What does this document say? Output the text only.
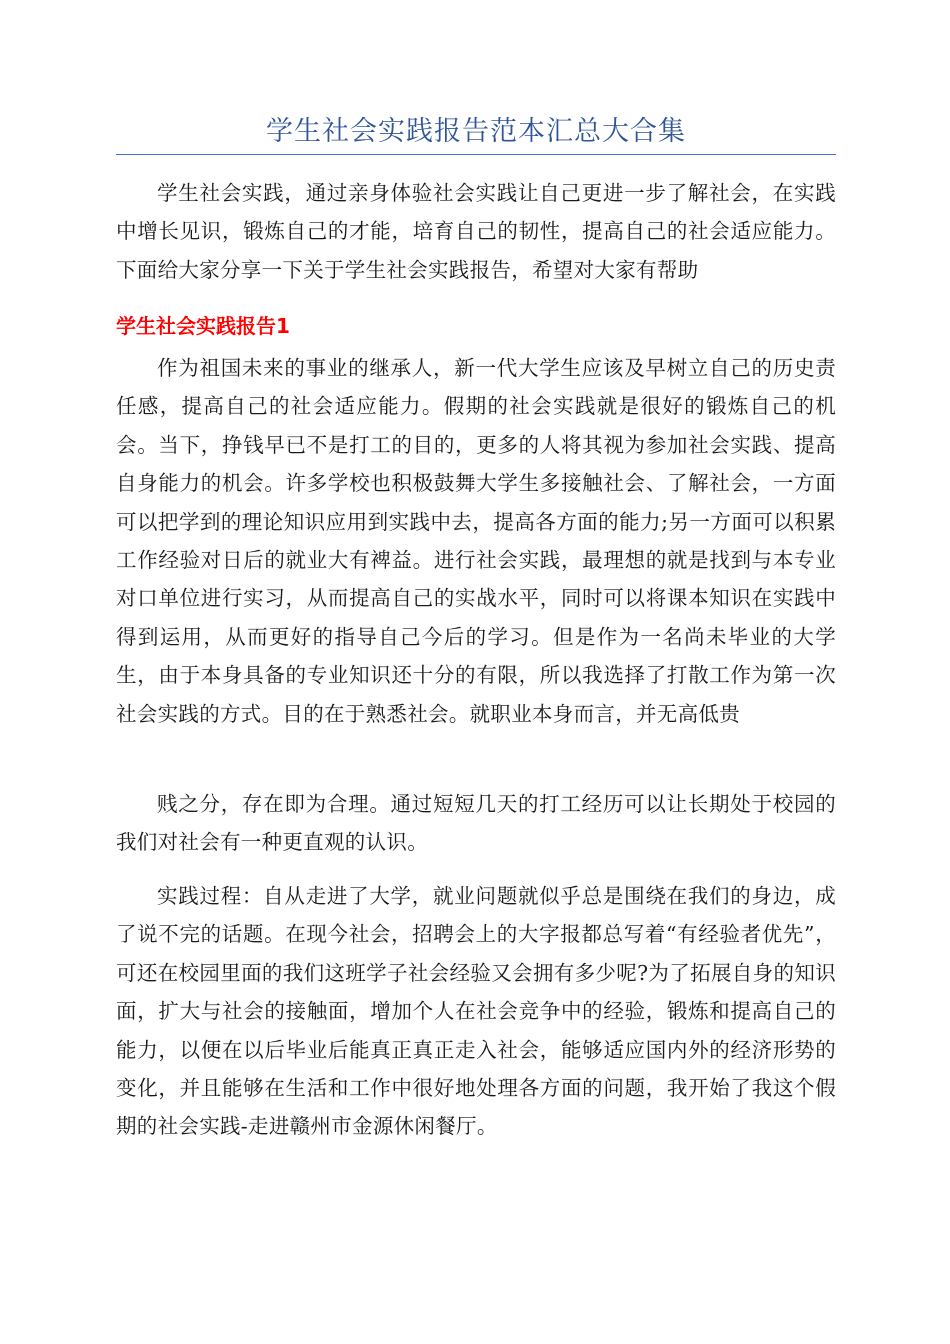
学生社会实践报告范本汇总大合集

学生社会实践，通过亲身体验社会实践让自己更进一步了解社会，在实践中增长见识，锻炼自己的才能，培育自己的韧性，提高自己的社会适应能力。下面给大家分享一下关于学生社会实践报告，希望对大家有帮助

学生社会实践报告1

作为祖国未来的事业的继承人，新一代大学生应该及早树立自己的历史责任感，提高自己的社会适应能力。假期的社会实践就是很好的锻炼自己的机会。当下，挣钱早已不是打工的目的，更多的人将其视为参加社会实践、提高自身能力的机会。许多学校也积极鼓舞大学生多接触社会、了解社会，一方面可以把学到的理论知识应用到实践中去，提高各方面的能力;另一方面可以积累工作经验对日后的就业大有裨益。进行社会实践，最理想的就是找到与本专业对口单位进行实习，从而提高自己的实战水平，同时可以将课本知识在实践中得到运用，从而更好的指导自己今后的学习。但是作为一名尚未毕业的大学生，由于本身具备的专业知识还十分的有限，所以我选择了打散工作为第一次社会实践的方式。目的在于熟悉社会。就职业本身而言，并无高低贵

贱之分，存在即为合理。通过短短几天的打工经历可以让长期处于校园的我们对社会有一种更直观的认识。

实践过程：自从走进了大学，就业问题就似乎总是围绕在我们的身边，成了说不完的话题。在现今社会，招聘会上的大字报都总写着“有经验者优先”，可还在校园里面的我们这班学子社会经验又会拥有多少呢?为了拓展自身的知识面，扩大与社会的接触面，增加个人在社会竞争中的经验，锻炼和提高自己的能力，以便在以后毕业后能真正真正走入社会，能够适应国内外的经济形势的变化，并且能够在生活和工作中很好地处理各方面的问题，我开始了我这个假期的社会实践-走进赣州市金源休闲餐厅。
